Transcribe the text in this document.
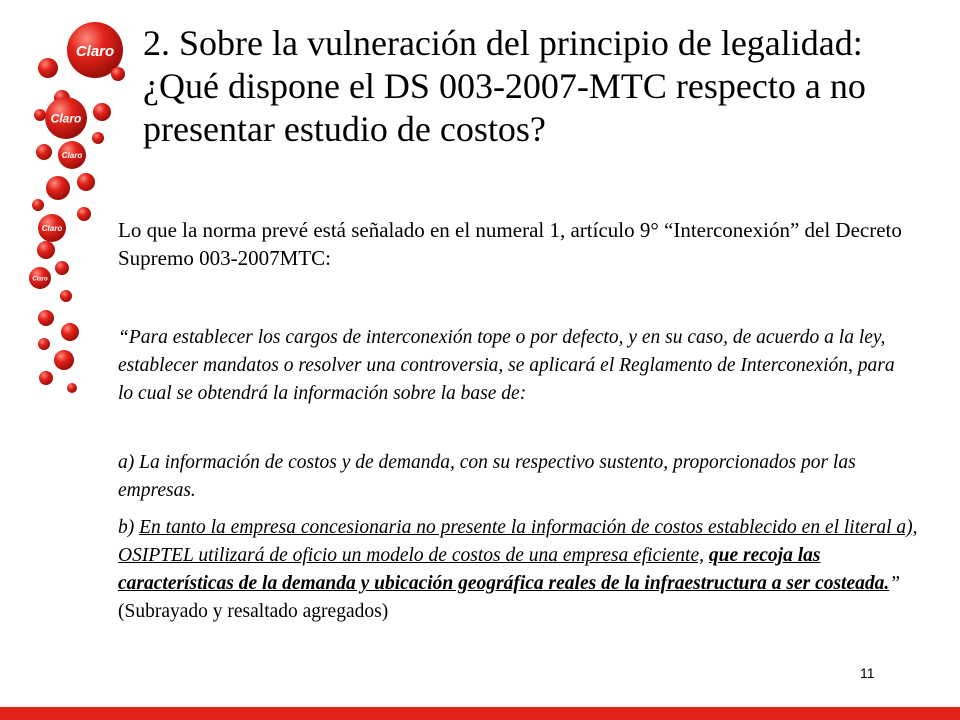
Claro
Claro
Claro
Claro
Claro
2. Sobre la vulneración del principio de legalidad: ¿Qué dispone el DS 003-2007-MTC respecto a no presentar estudio de costos?

Lo que la norma prevé está señalado en el numeral 1, artículo 9° “Interconexión” del Decreto Supremo 003-2007MTC:

“Para establecer los cargos de interconexión tope o por defecto, y en su caso, de acuerdo a la ley, establecer mandatos o resolver una controversia, se aplicará el Reglamento de Interconexión, para lo cual se obtendrá la información sobre la base de:

a) La información de costos y de demanda, con su respectivo sustento, proporcionados por las empresas.

b) En tanto la empresa concesionaria no presente la información de costos establecido en el literal a), OSIPTEL utilizará de oficio un modelo de costos de una empresa eficiente, que recoja las características de la demanda y ubicación geográfica reales de la infraestructura a ser costeada.” (Subrayado y resaltado agregados)

11
